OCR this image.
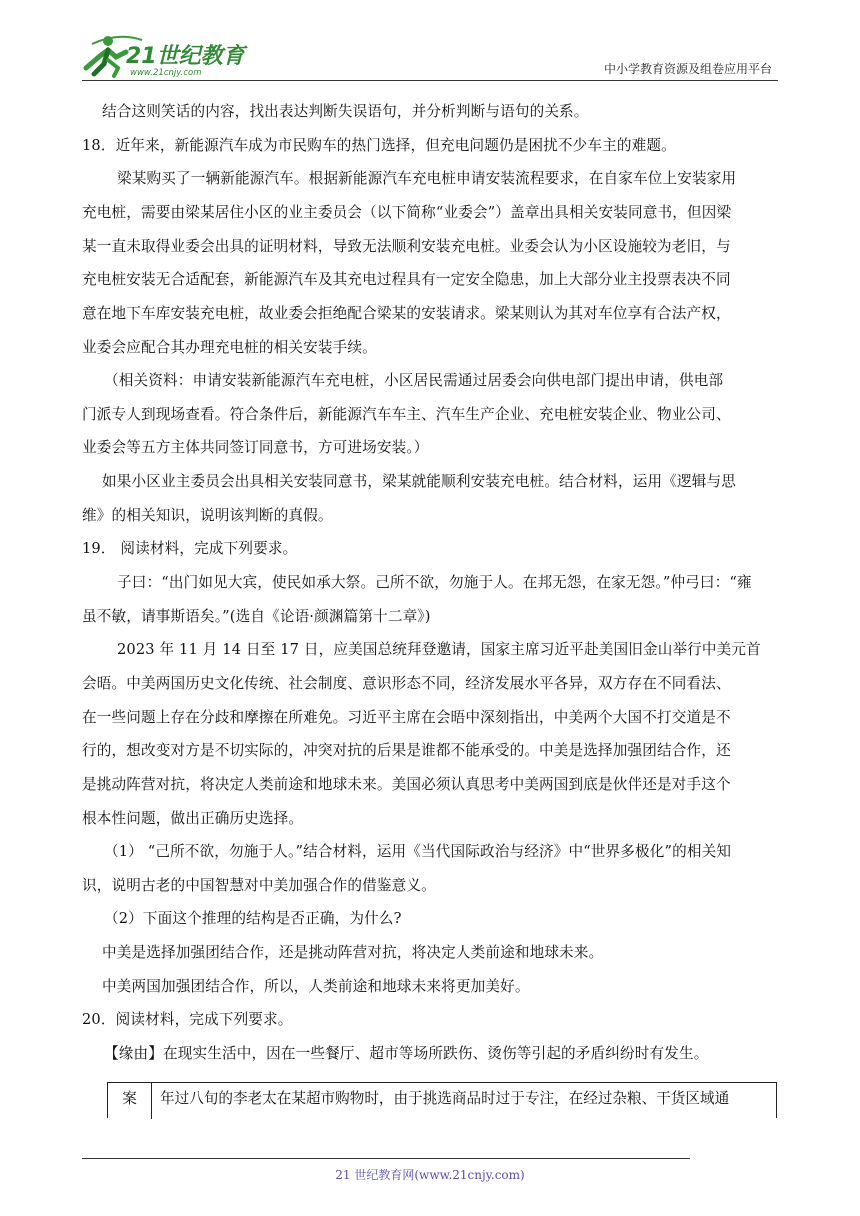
21世纪教育
www.21cnjy.com	中小学教育资源及组卷应用平台
结合这则笑话的内容，找出表达判断失误语句，并分析判断与语句的关系。
18．近年来，新能源汽车成为市民购车的热门选择，但充电问题仍是困扰不少车主的难题。
梁某购买了一辆新能源汽车。根据新能源汽车充电桩申请安装流程要求，在自家车位上安装家用
充电桩，需要由梁某居住小区的业主委员会（以下简称“业委会”）盖章出具相关安装同意书，但因梁
某一直未取得业委会出具的证明材料，导致无法顺利安装充电桩。业委会认为小区设施较为老旧，与
充电桩安装无合适配套，新能源汽车及其充电过程具有一定安全隐患，加上大部分业主投票表决不同
意在地下车库安装充电桩，故业委会拒绝配合梁某的安装请求。梁某则认为其对车位享有合法产权，
业委会应配合其办理充电桩的相关安装手续。
（相关资料：申请安装新能源汽车充电桩，小区居民需通过居委会向供电部门提出申请，供电部
门派专人到现场查看。符合条件后，新能源汽车车主、汽车生产企业、充电桩安装企业、物业公司、
业委会等五方主体共同签订同意书，方可进场安装。）
如果小区业主委员会出具相关安装同意书，梁某就能顺利安装充电桩。结合材料，运用《逻辑与思
维》的相关知识，说明该判断的真假。
19． 阅读材料，完成下列要求。
子曰：“出门如见大宾，使民如承大祭。己所不欲，勿施于人。在邦无怨，在家无怨。”仲弓曰：“雍
虽不敏，请事斯语矣。”(选自《论语·颜渊篇第十二章》)
2023 年 11 月 14 日至 17 日，应美国总统拜登邀请，国家主席习近平赴美国旧金山举行中美元首
会晤。中美两国历史文化传统、社会制度、意识形态不同，经济发展水平各异，双方存在不同看法、
在一些问题上存在分歧和摩擦在所难免。习近平主席在会晤中深刻指出，中美两个大国不打交道是不
行的，想改变对方是不切实际的，冲突对抗的后果是谁都不能承受的。中美是选择加强团结合作，还
是挑动阵营对抗，将决定人类前途和地球未来。美国必须认真思考中美两国到底是伙伴还是对手这个
根本性问题，做出正确历史选择。
（1） “己所不欲，勿施于人。”结合材料，运用《当代国际政治与经济》中“世界多极化”的相关知
识，说明古老的中国智慧对中美加强合作的借鉴意义。
（2）下面这个推理的结构是否正确，为什么?
中美是选择加强团结合作，还是挑动阵营对抗，将决定人类前途和地球未来。
中美两国加强团结合作，所以，人类前途和地球未来将更加美好。
20．阅读材料，完成下列要求。
【缘由】在现实生活中，因在一些餐厅、超市等场所跌伤、烫伤等引起的矛盾纠纷时有发生。
21 世纪教育网(www.21cnjy.com)
案	年过八旬的李老太在某超市购物时，由于挑选商品时过于专注，在经过杂粮、干货区域通
